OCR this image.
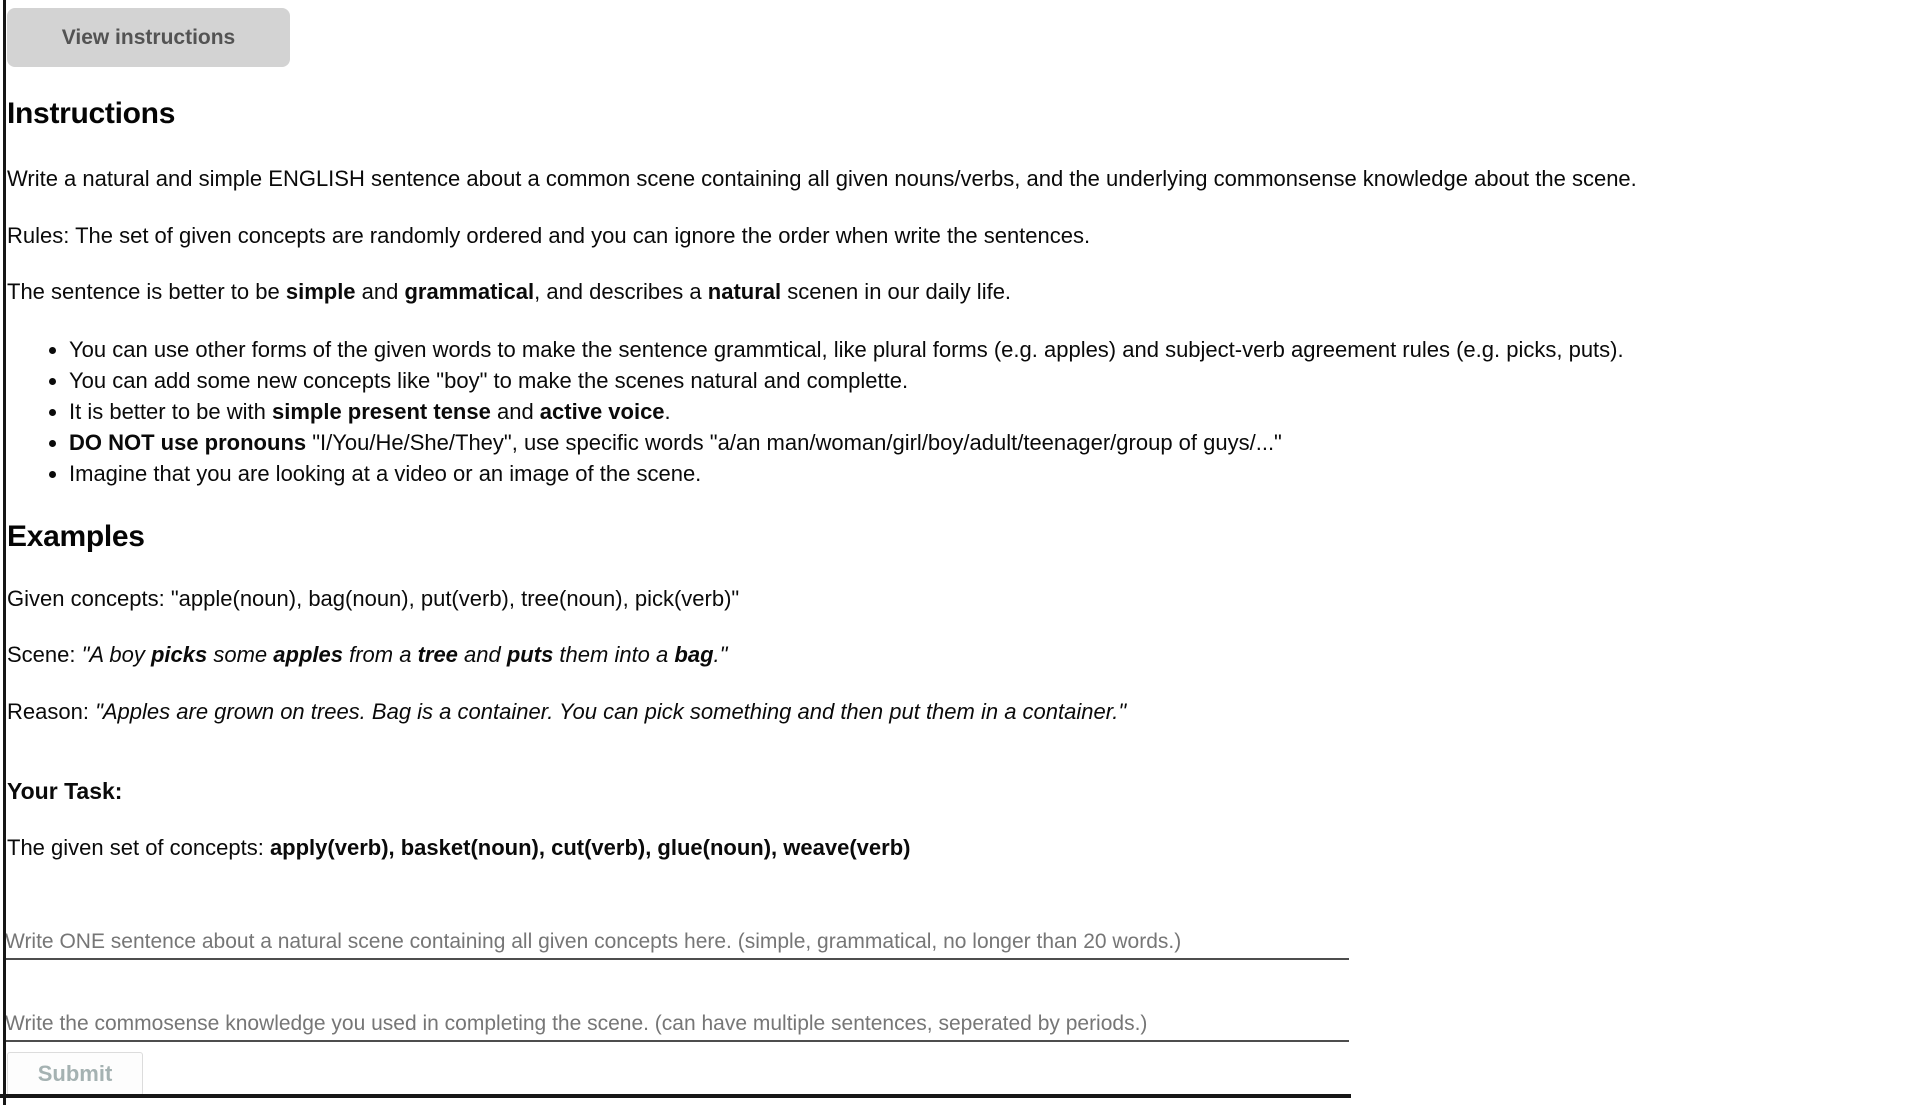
View instructions
Instructions

Write a natural and simple ENGLISH sentence about a common scene containing all given nouns/verbs, and the underlying commonsense knowledge about the scene.

Rules: The set of given concepts are randomly ordered and you can ignore the order when write the sentences.

The sentence is better to be simple and grammatical, and describes a natural scenen in our daily life.

• You can use other forms of the given words to make the sentence grammtical, like plural forms (e.g. apples) and subject-verb agreement rules (e.g. picks, puts).
• You can add some new concepts like "boy" to make the scenes natural and complette.
• It is better to be with simple present tense and active voice.
• DO NOT use pronouns "I/You/He/She/They", use specific words "a/an man/woman/girl/boy/adult/teenager/group of guys/..."
• Imagine that you are looking at a video or an image of the scene.
Examples

Given concepts: "apple(noun), bag(noun), put(verb), tree(noun), pick(verb)"

Scene: "A boy picks some apples from a tree and puts them into a bag."

Reason: "Apples are grown on trees. Bag is a container. You can pick something and then put them in a container."

Your Task:

The given set of concepts: apply(verb), basket(noun), cut(verb), glue(noun), weave(verb)

Write ONE sentence about a natural scene containing all given concepts here. (simple, grammatical, no longer than 20 words.)
Write the commosense knowledge you used in completing the scene. (can have multiple sentences, seperated by periods.)
Submit
